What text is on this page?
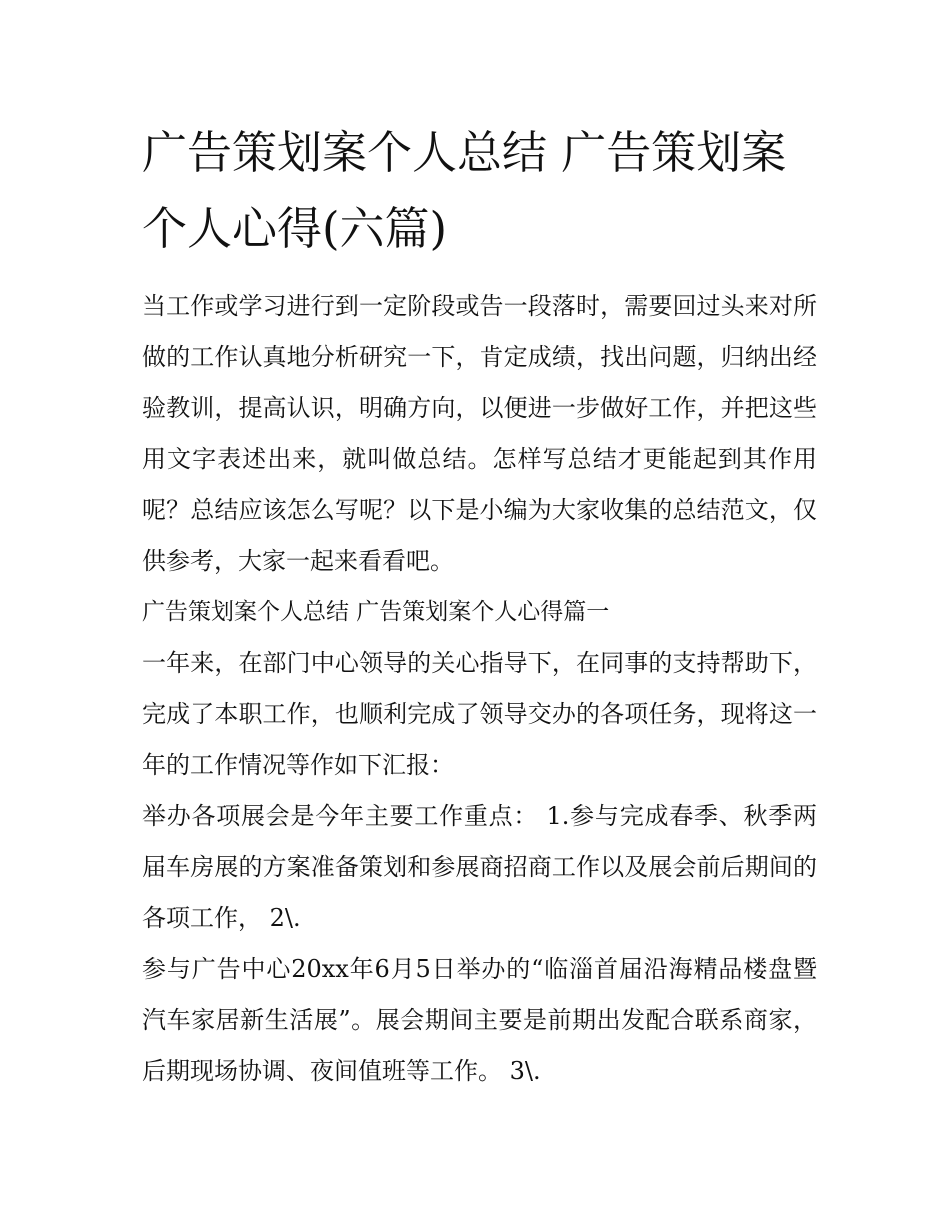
广告策划案个人总结 广告策划案个人心得(六篇)

当工作或学习进行到一定阶段或告一段落时，需要回过头来对所做的工作认真地分析研究一下，肯定成绩，找出问题，归纳出经验教训，提高认识，明确方向，以便进一步做好工作，并把这些用文字表述出来，就叫做总结。怎样写总结才更能起到其作用呢？总结应该怎么写呢？以下是小编为大家收集的总结范文，仅供参考，大家一起来看看吧。

广告策划案个人总结 广告策划案个人心得篇一

一年来，在部门中心领导的关心指导下，在同事的支持帮助下，完成了本职工作，也顺利完成了领导交办的各项任务，现将这一年的工作情况等作如下汇报：

举办各项展会是今年主要工作重点： 1.参与完成春季、秋季两届车房展的方案准备策划和参展商招商工作以及展会前后期间的各项工作， 2\.

参与广告中心20xx年6月5日举办的“临淄首届沿海精品楼盘暨汽车家居新生活展”。展会期间主要是前期出发配合联系商家，后期现场协调、夜间值班等工作。 3\.
